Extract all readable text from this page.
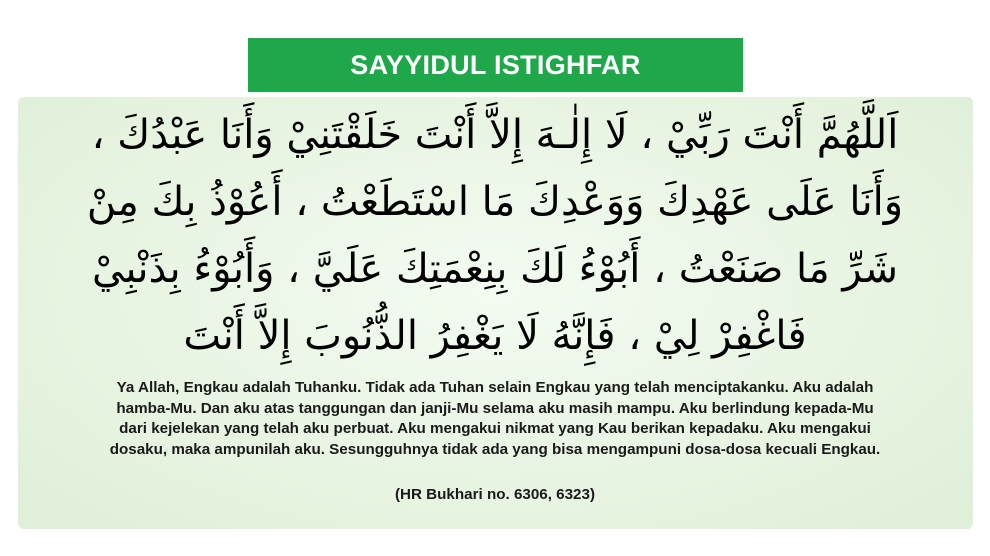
SAYYIDUL ISTIGHFAR
اَللَّهُمَّ أَنْتَ رَبِّيْ ، لَا إِلٰـهَ إِلاَّ أَنْتَ خَلَقْتَنِيْ وَأَنَا عَبْدُكَ ،
وَأَنَا عَلَى عَهْدِكَ وَوَعْدِكَ مَا اسْتَطَعْتُ ، أَعُوْذُ بِكَ مِنْ
شَرِّ مَا صَنَعْتُ ، أَبُوْءُ لَكَ بِنِعْمَتِكَ عَلَيَّ ، وَأَبُوْءُ بِذَنْبِيْ
فَاغْفِرْ لِيْ ، فَإِنَّهُ لَا يَغْفِرُ الذُّنُوبَ إِلاَّ أَنْتَ
Ya Allah, Engkau adalah Tuhanku. Tidak ada Tuhan selain Engkau yang telah menciptakanku. Aku adalah
hamba-Mu. Dan aku atas tanggungan dan janji-Mu selama aku masih mampu. Aku berlindung kepada-Mu
dari kejelekan yang telah aku perbuat. Aku mengakui nikmat yang Kau berikan kepadaku. Aku mengakui
dosaku, maka ampunilah aku. Sesungguhnya tidak ada yang bisa mengampuni dosa-dosa kecuali Engkau.
(HR Bukhari no. 6306, 6323)
